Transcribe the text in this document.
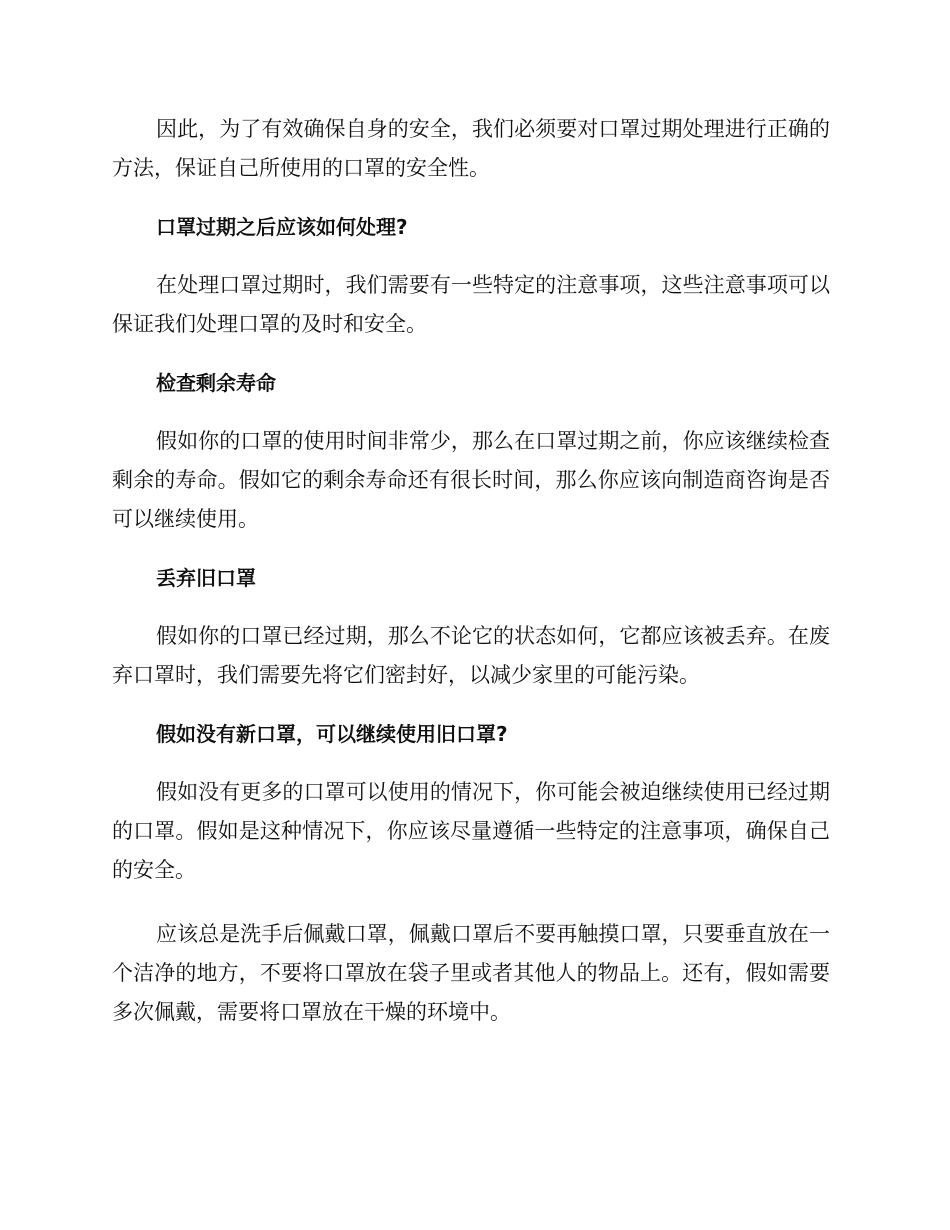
因此，为了有效确保自身的安全，我们必须要对口罩过期处理进行正确的方法，保证自己所使用的口罩的安全性。

口罩过期之后应该如何处理?

在处理口罩过期时，我们需要有一些特定的注意事项，这些注意事项可以保证我们处理口罩的及时和安全。

检查剩余寿命

假如你的口罩的使用时间非常少，那么在口罩过期之前，你应该继续检查剩余的寿命。假如它的剩余寿命还有很长时间，那么你应该向制造商咨询是否可以继续使用。

丢弃旧口罩

假如你的口罩已经过期，那么不论它的状态如何，它都应该被丢弃。在废弃口罩时，我们需要先将它们密封好，以减少家里的可能污染。

假如没有新口罩，可以继续使用旧口罩?

假如没有更多的口罩可以使用的情况下，你可能会被迫继续使用已经过期的口罩。假如是这种情况下，你应该尽量遵循一些特定的注意事项，确保自己的安全。

应该总是洗手后佩戴口罩，佩戴口罩后不要再触摸口罩，只要垂直放在一个洁净的地方，不要将口罩放在袋子里或者其他人的物品上。还有，假如需要多次佩戴，需要将口罩放在干燥的环境中。
